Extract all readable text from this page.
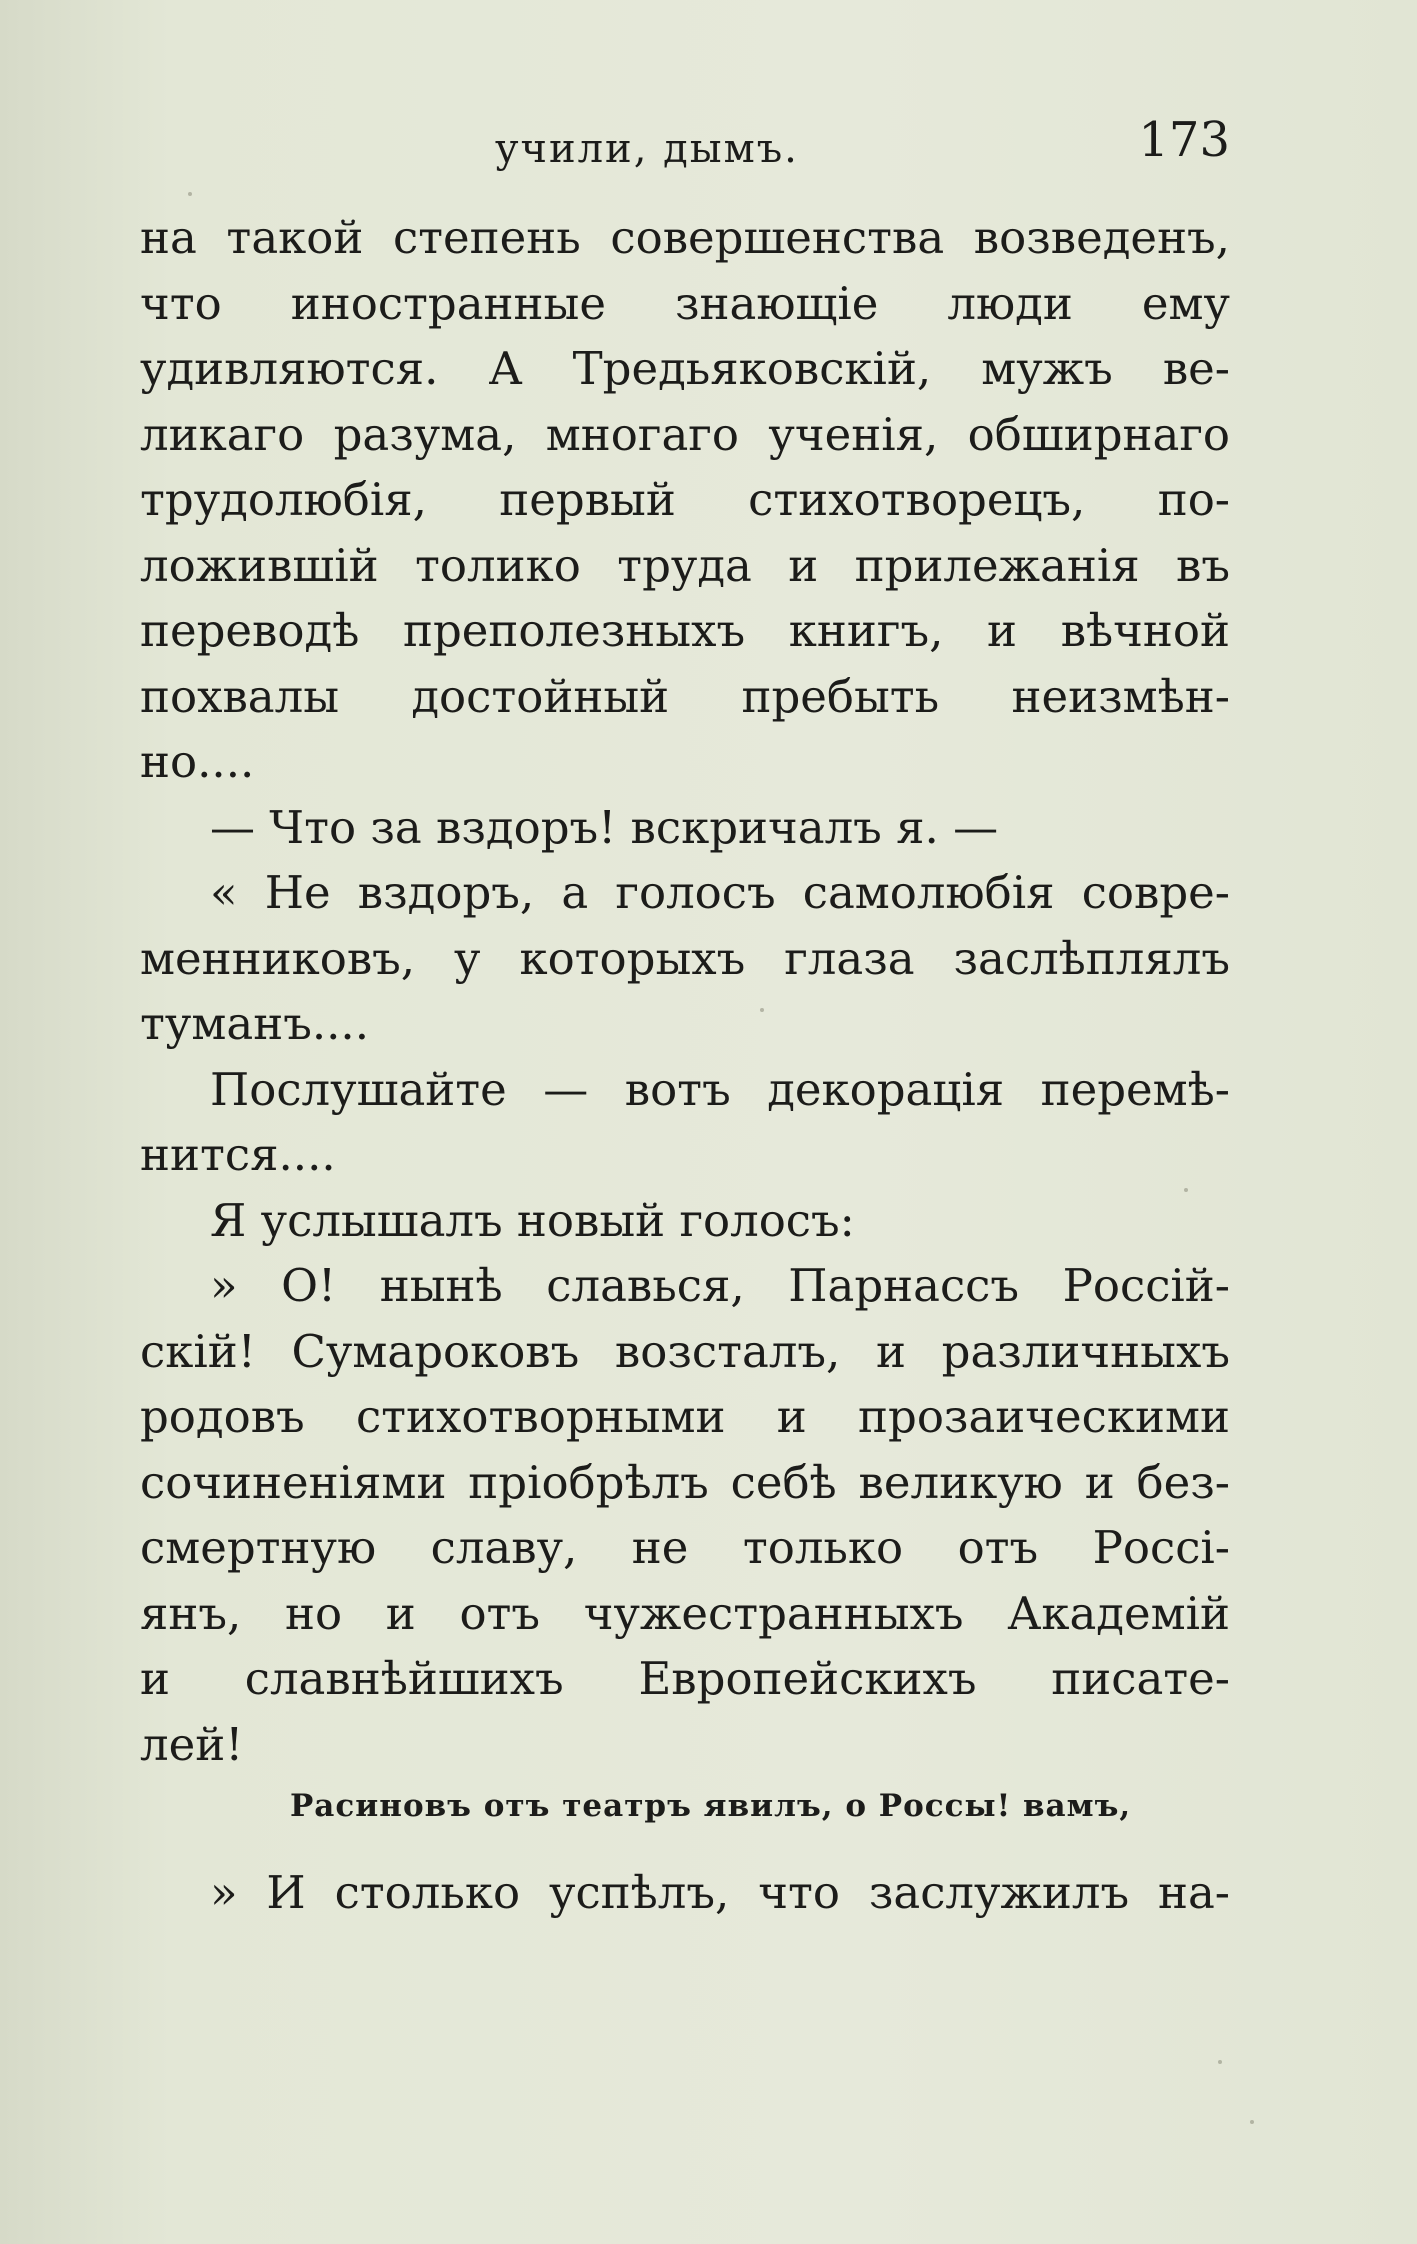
учили, дымъ.	173
на такой степень совершенства возведенъ,
что иностранные знающіе люди ему
удивляются. А Тредьяковскій, мужъ ве-
ликаго разума, многаго ученія, обширнаго
трудолюбія, первый стихотворецъ, по-
ложившій толико труда и прилежанія въ
переводѣ преполезныхъ книгъ, и вѣчной
похвалы достойный пребыть неизмѣн-
но....
— Что за вздоръ! вскричалъ я. —
« Не вздоръ, а голосъ самолюбія совре-
менниковъ, у которыхъ глаза заслѣплялъ
туманъ....
Послушайте — вотъ декорація перемѣ-
нится....
Я услышалъ новый голосъ:
» О! нынѣ славься, Парнассъ Россій-
скій! Сумароковъ возсталъ, и различныхъ
родовъ стихотворными и прозаическими
сочиненіями пріобрѣлъ себѣ великую и без-
смертную славу, не только отъ Росcі-
янъ, но и отъ чужестранныхъ Академій
и славнѣйшихъ Европейскихъ писате-
лей!
Расиновъ отъ театръ явилъ, о Россы! вамъ,
» И столько успѣлъ, что заслужилъ на-
